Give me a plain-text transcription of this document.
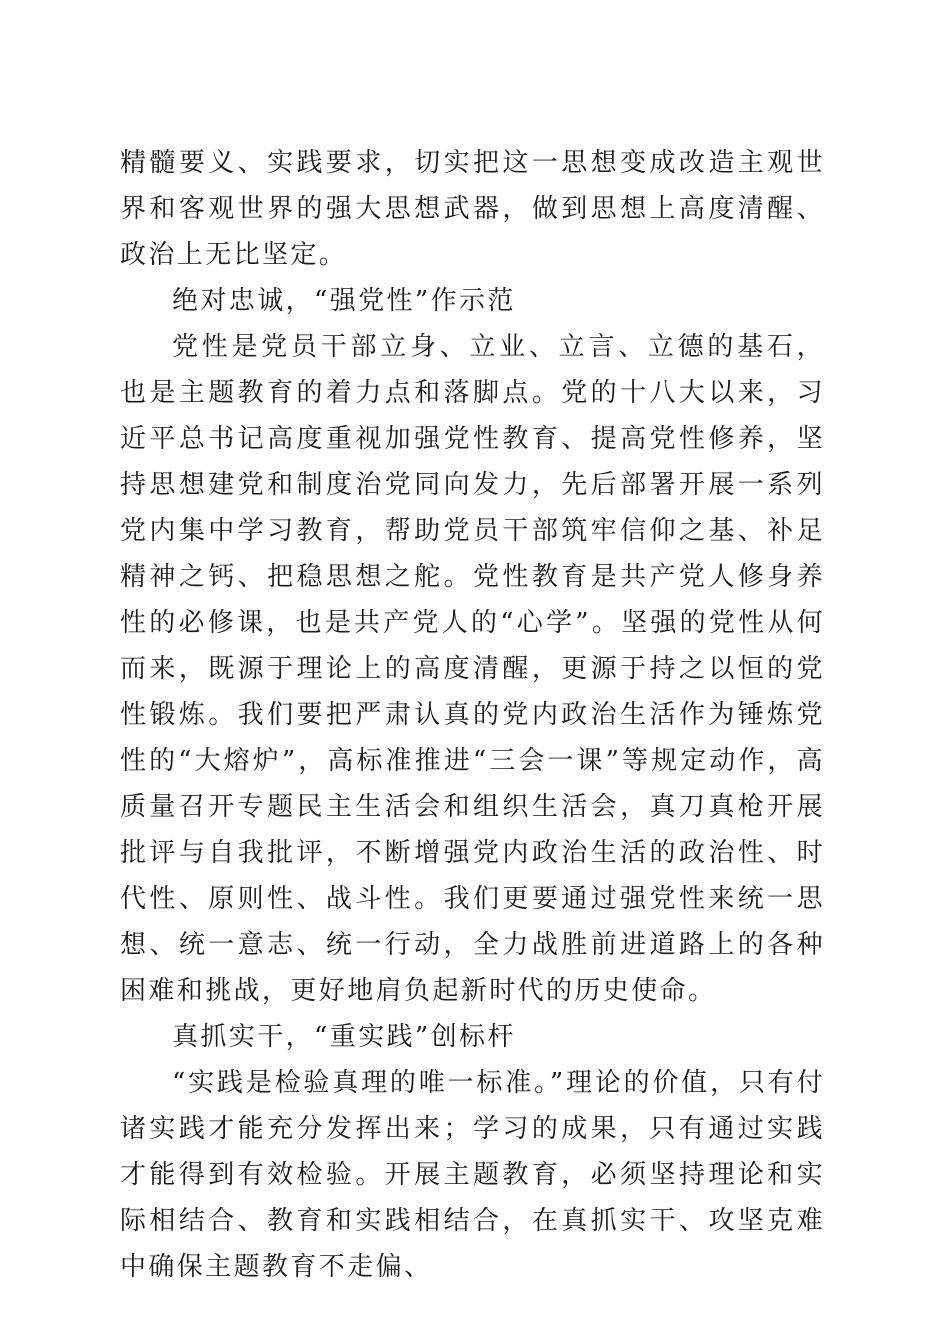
精髓要义、实践要求，切实把这一思想变成改造主观世界和客观世界的强大思想武器，做到思想上高度清醒、政治上无比坚定。

绝对忠诚，“强党性”作示范

党性是党员干部立身、立业、立言、立德的基石，也是主题教育的着力点和落脚点。党的十八大以来，习近平总书记高度重视加强党性教育、提高党性修养，坚持思想建党和制度治党同向发力，先后部署开展一系列党内集中学习教育，帮助党员干部筑牢信仰之基、补足精神之钙、把稳思想之舵。党性教育是共产党人修身养性的必修课，也是共产党人的“心学”。坚强的党性从何而来，既源于理论上的高度清醒，更源于持之以恒的党性锻炼。我们要把严肃认真的党内政治生活作为锤炼党性的“大熔炉”，高标准推进“三会一课”等规定动作，高质量召开专题民主生活会和组织生活会，真刀真枪开展批评与自我批评，不断增强党内政治生活的政治性、时代性、原则性、战斗性。我们更要通过强党性来统一思想、统一意志、统一行动，全力战胜前进道路上的各种困难和挑战，更好地肩负起新时代的历史使命。

真抓实干，“重实践”创标杆

“实践是检验真理的唯一标准。”理论的价值，只有付诸实践才能充分发挥出来；学习的成果，只有通过实践才能得到有效检验。开展主题教育，必须坚持理论和实际相结合、教育和实践相结合，在真抓实干、攻坚克难中确保主题教育不走偏、
